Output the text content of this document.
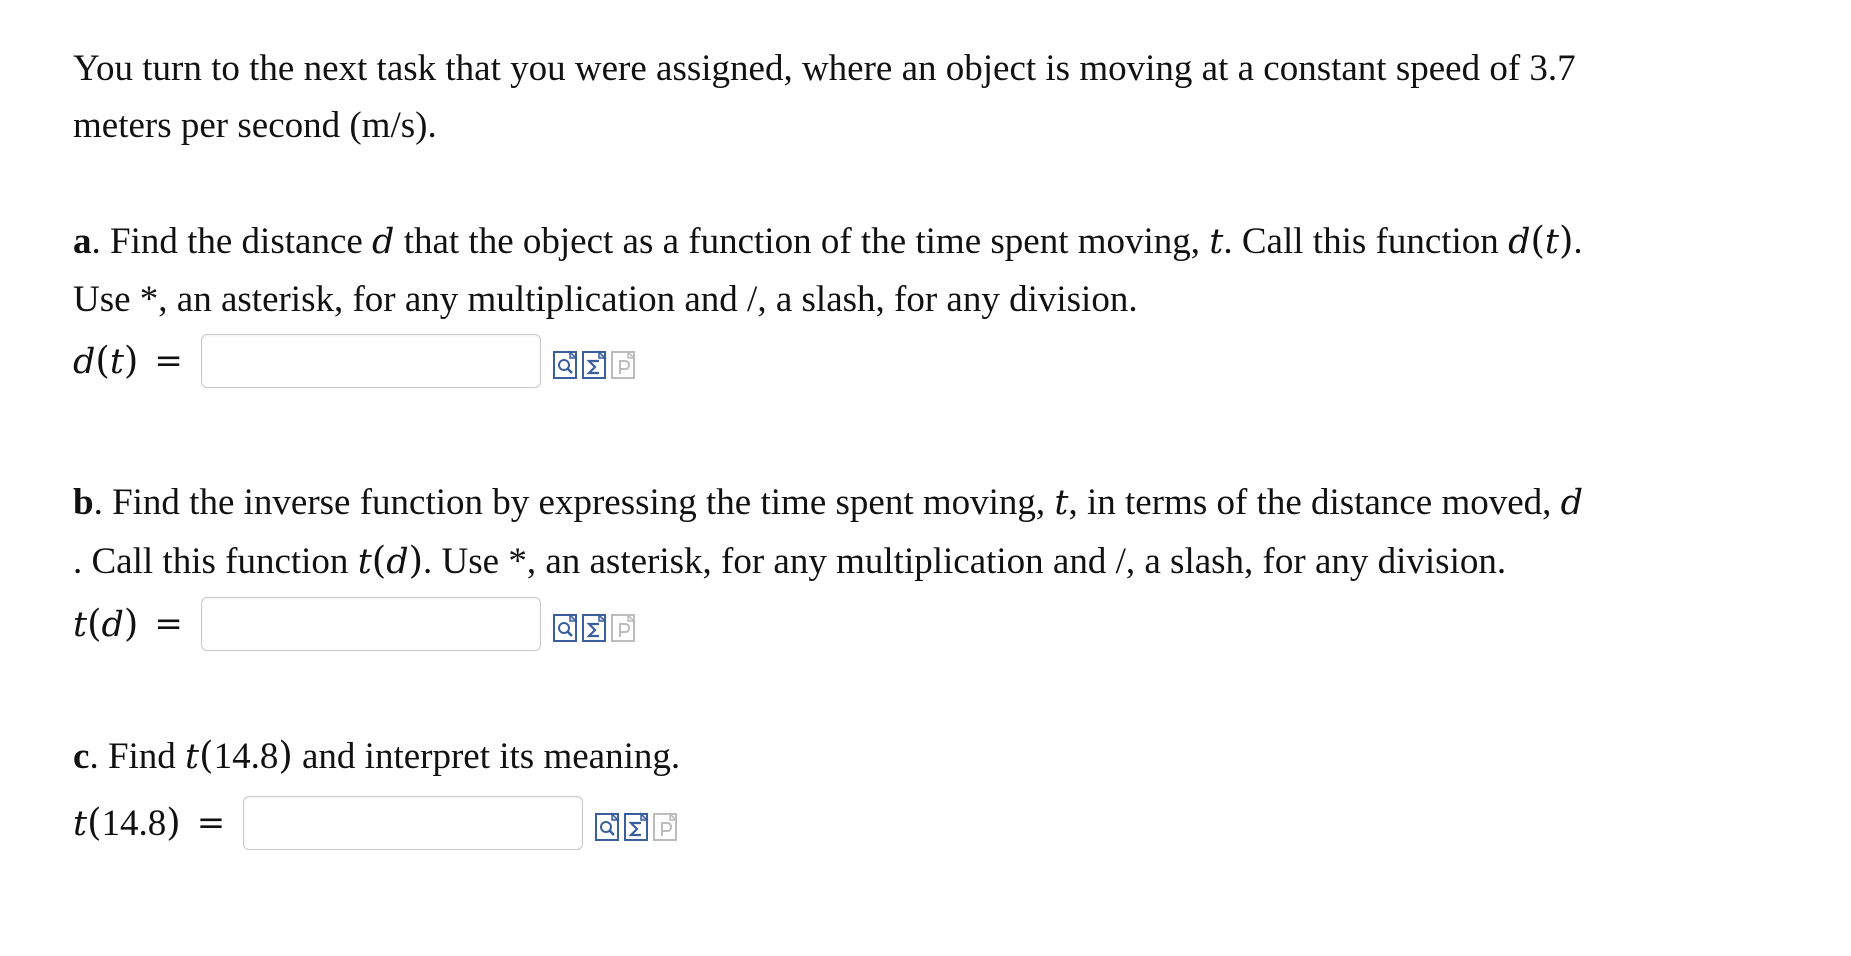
You turn to the next task that you were assigned, where an object is moving at a constant speed of 3.7
meters per second (m/s).

a. Find the distance d that the object as a function of the time spent moving, t. Call this function d(t).
Use *, an asterisk, for any multiplication and /, a slash, for any division.

d(t) =

b. Find the inverse function by expressing the time spent moving, t, in terms of the distance moved, d
. Call this function t(d). Use *, an asterisk, for any multiplication and /, a slash, for any division.

t(d) =

c. Find t(14.8) and interpret its meaning.

t(14.8) =
